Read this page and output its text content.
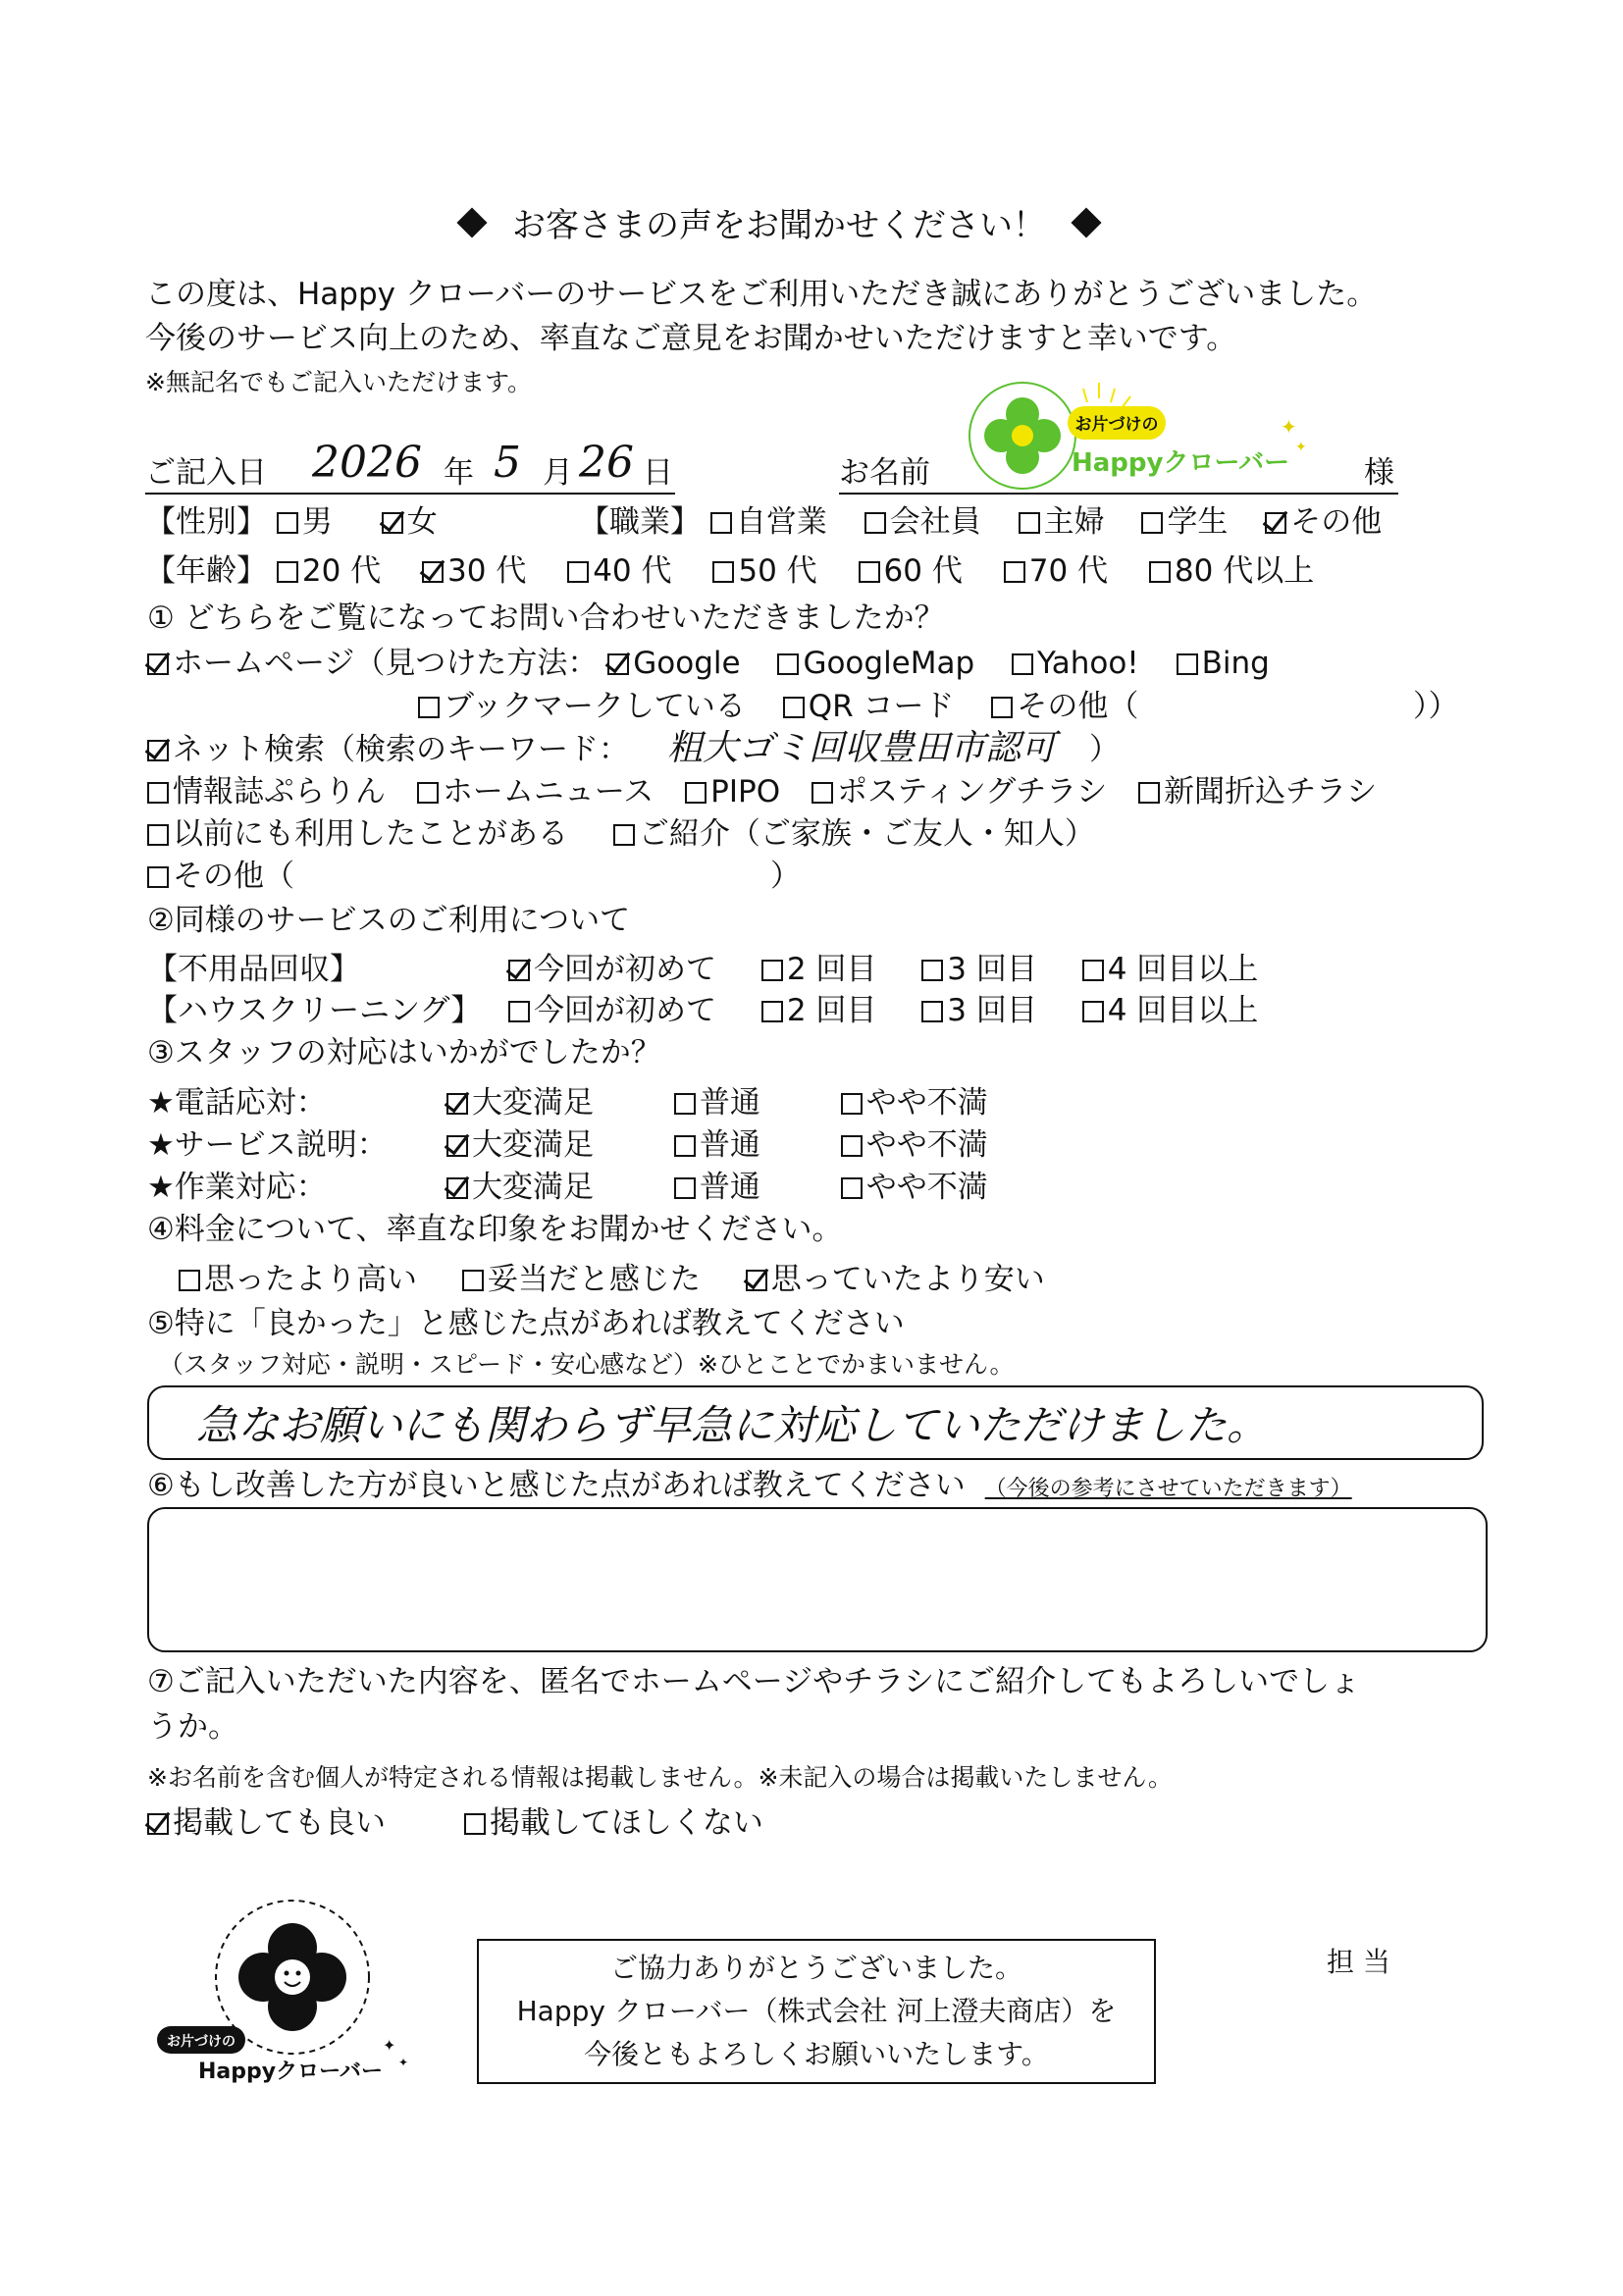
お客さまの声をお聞かせください！
この度は、Happy クローバーのサービスをご利用いただき誠にありがとうございました。
今後のサービス向上のため、率直なご意見をお聞かせいただけますと幸いです。
※無記名でもご記入いただけます。
ご記入日 2026 年 5 月 26 日	お名前	様
お片づけの
Happyクローバー
✦
✦
【性別】 男 女	【職業】 自営業 会社員 主婦 学生 その他
【年齢】 20 代 30 代 40 代 50 代 60 代 70 代 80 代以上
① どちらをご覧になってお問い合わせいただきましたか？
ホームページ（見つけた方法： Google GoogleMap Yahoo! Bing
ブックマークしている QR コード その他（	））
ネット検索（検索のキーワード： 粗大ゴミ回収豊田市認可 ）
情報誌ぷらりん ホームニュース PIPO ポスティングチラシ 新聞折込チラシ
以前にも利用したことがある ご紹介（ご家族・ご友人・知人）
その他（	）
②同様のサービスのご利用について
【不用品回収】	今回が初めて 2 回目 3 回目 4 回目以上
【ハウスクリーニング】	今回が初めて 2 回目 3 回目 4 回目以上
③スタッフの対応はいかがでしたか？
★電話応対：	大変満足	普通	やや不満
★サービス説明：	大変満足	普通	やや不満
★作業対応：	大変満足	普通	やや不満
④料金について、率直な印象をお聞かせください。
思ったより高い 妥当だと感じた 思っていたより安い
⑤特に「良かった」と感じた点があれば教えてください
（スタッフ対応・説明・スピード・安心感など）※ひとことでかまいません。
急なお願いにも関わらず早急に対応していただけました。
⑥もし改善した方が良いと感じた点があれば教えてください （今後の参考にさせていただきます）
⑦ご記入いただいた内容を、匿名でホームページやチラシにご紹介してもよろしいでしょ
うか。
※お名前を含む個人が特定される情報は掲載しません。※未記入の場合は掲載いたしません。
掲載しても良い	掲載してほしくない
お片づけの
Happyクローバー
✦
✦
ご協力ありがとうございました。
Happy クローバー（株式会社 河上澄夫商店）を
今後ともよろしくお願いいたします。
担 当
